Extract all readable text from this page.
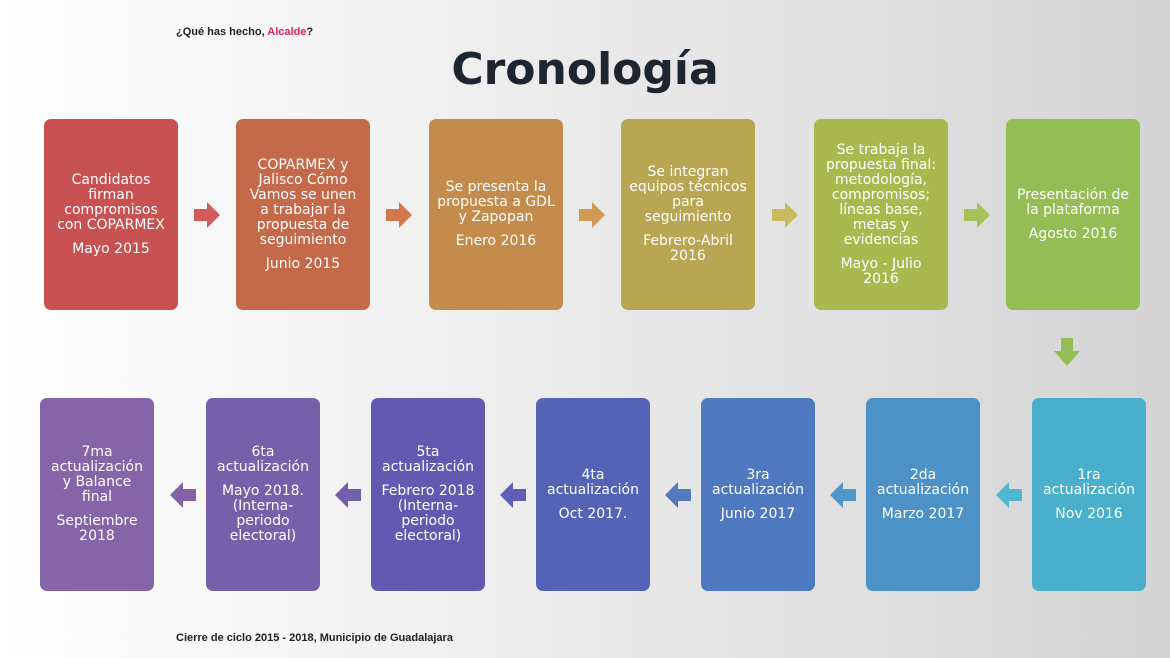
¿Qué has hecho, Alcalde?
Cronología
Candidatos firman compromisos con COPARMEX
Mayo 2015
COPARMEX y Jalisco Cómo Vamos se unen a trabajar la propuesta de seguimiento
Junio 2015
Se presenta la propuesta a GDL y Zapopan
Enero 2016
Se integran equipos técnicos para seguimiento
Febrero-Abril 2016
Se trabaja la propuesta final: metodología, compromisos; líneas base, metas y evidencias
Mayo - Julio 2016
Presentación de la plataforma
Agosto 2016
1ra actualización
Nov 2016
2da actualización
Marzo 2017
3ra actualización
Junio 2017
4ta actualización
Oct 2017.
5ta actualización
Febrero 2018 (Interna-periodo electoral)
6ta actualización
Mayo 2018. (Interna-periodo electoral)
7ma actualización y Balance final
Septiembre 2018
Cierre de ciclo 2015 - 2018, Municipio de Guadalajara
